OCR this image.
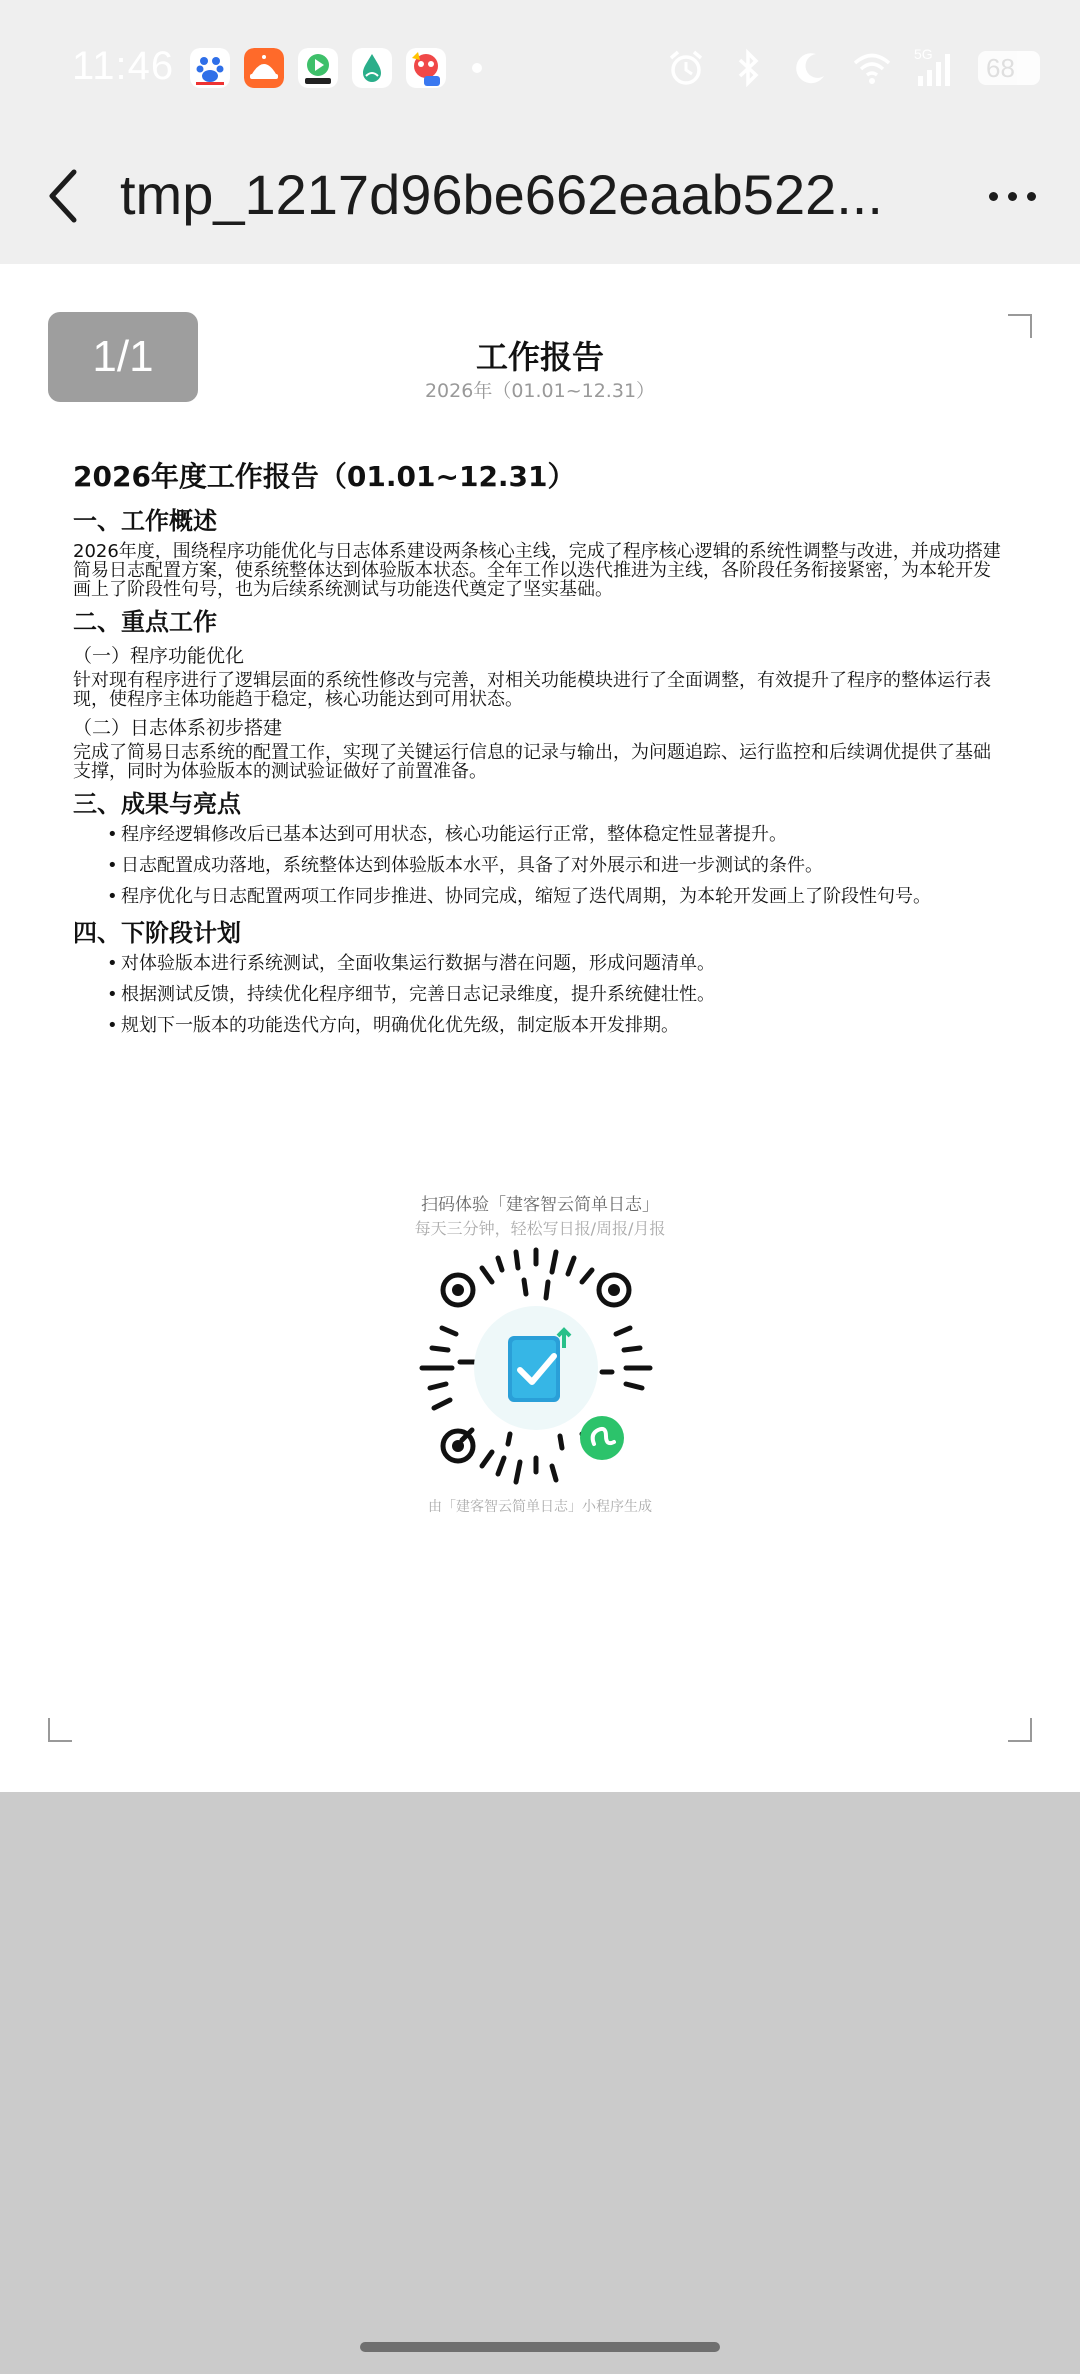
11:46	5G 68
tmp_1217d96be662eaab522...
1/1	工作报告
2026年（01.01~12.31）
2026年度工作报告（01.01~12.31）
一、工作概述
2026年度，围绕程序功能优化与日志体系建设两条核心主线，完成了程序核心逻辑的系统性调整与改进，并成功搭建简易日志配置方案，使系统整体达到体验版本状态。全年工作以迭代推进为主线，各阶段任务衔接紧密，为本轮开发画上了阶段性句号，也为后续系统测试与功能迭代奠定了坚实基础。
二、重点工作
（一）程序功能优化
针对现有程序进行了逻辑层面的系统性修改与完善，对相关功能模块进行了全面调整，有效提升了程序的整体运行表现，使程序主体功能趋于稳定，核心功能达到可用状态。
（二）日志体系初步搭建
完成了简易日志系统的配置工作，实现了关键运行信息的记录与输出，为问题追踪、运行监控和后续调优提供了基础支撑，同时为体验版本的测试验证做好了前置准备。
三、成果与亮点
• 程序经逻辑修改后已基本达到可用状态，核心功能运行正常，整体稳定性显著提升。
• 日志配置成功落地，系统整体达到体验版本水平，具备了对外展示和进一步测试的条件。
• 程序优化与日志配置两项工作同步推进、协同完成，缩短了迭代周期，为本轮开发画上了阶段性句号。
四、下阶段计划
• 对体验版本进行系统测试，全面收集运行数据与潜在问题，形成问题清单。
• 根据测试反馈，持续优化程序细节，完善日志记录维度，提升系统健壮性。
• 规划下一版本的功能迭代方向，明确优化优先级，制定版本开发排期。
扫码体验「建客智云简单日志」
每天三分钟，轻松写日报/周报/月报
由「建客智云简单日志」小程序生成
